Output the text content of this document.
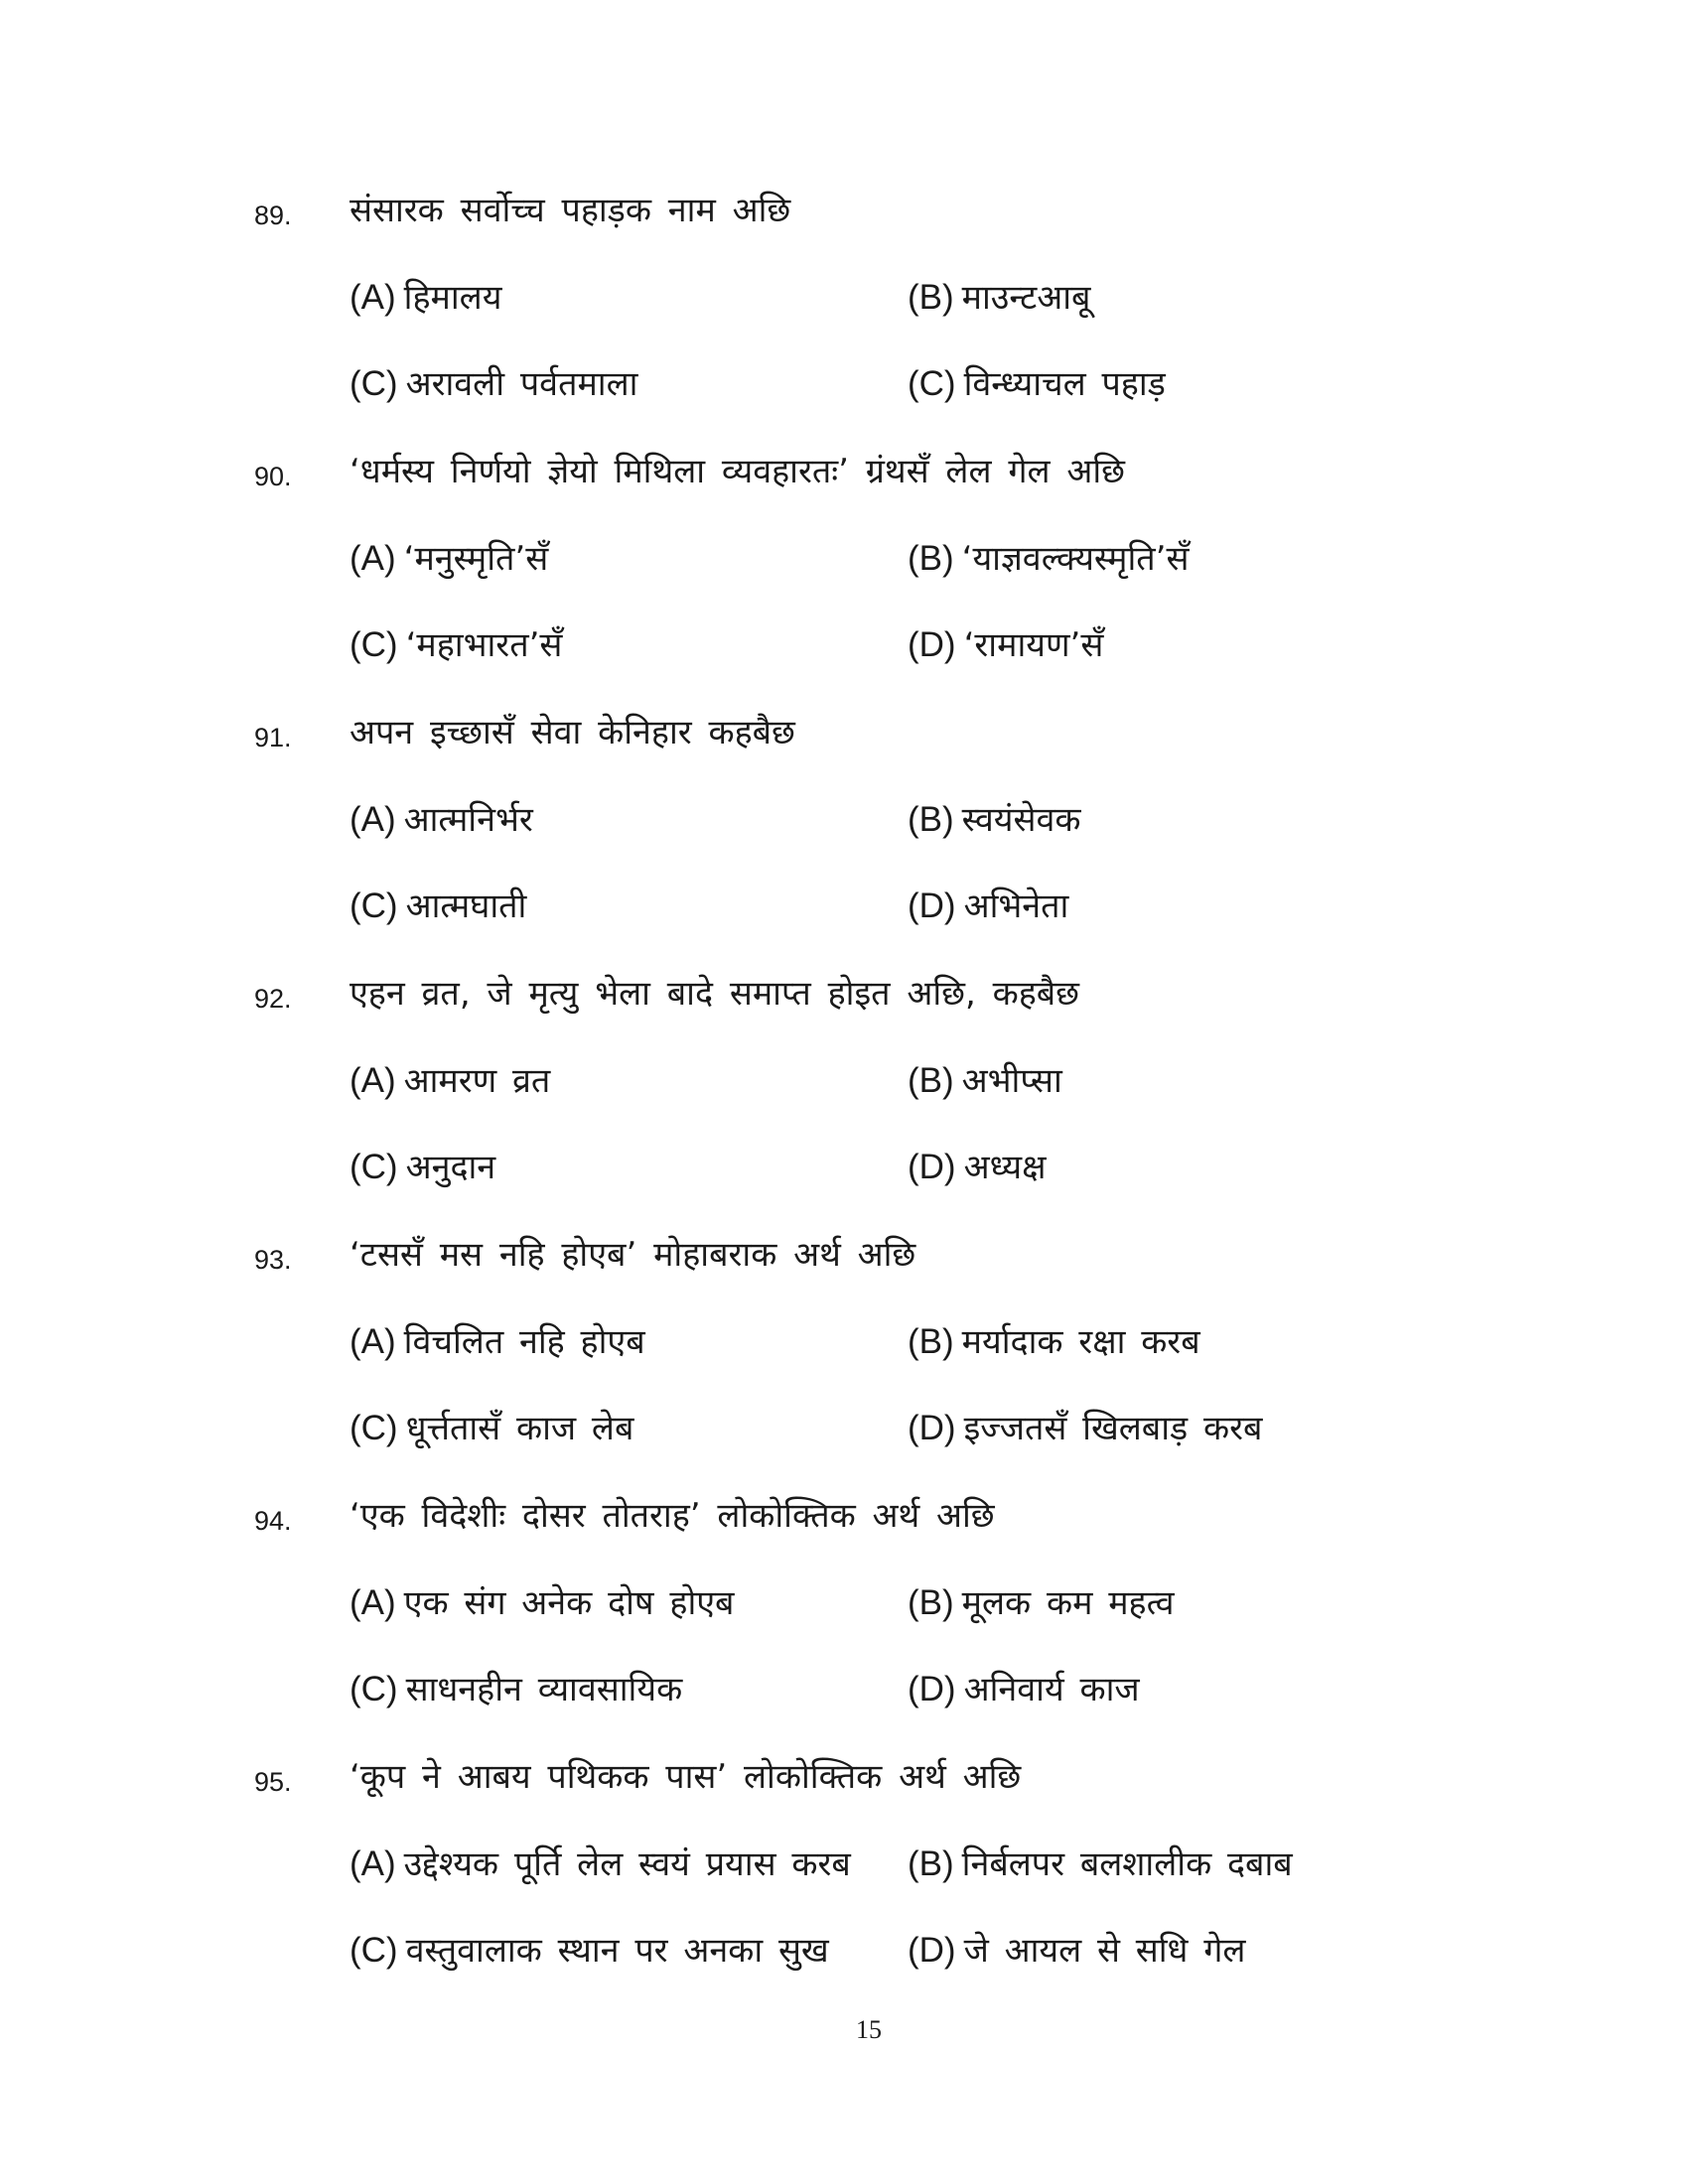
89. संसारक सर्वोच्च पहाड़क नाम अछि
(A) हिमालय	(B) माउन्टआबू
(C) अरावली पर्वतमाला	(C) विन्ध्याचल पहाड़
90. ‘धर्मस्य निर्णयो ज्ञेयो मिथिला व्यवहारतः’ ग्रंथसँ लेल गेल अछि
(A) ‘मनुस्मृति’सँ	(B) ‘याज्ञवल्क्यस्मृति’सँ
(C) ‘महाभारत’सँ	(D) ‘रामायण’सँ
91. अपन इच्छासँ सेवा केनिहार कहबैछ
(A) आत्मनिर्भर	(B) स्वयंसेवक
(C) आत्मघाती	(D) अभिनेता
92. एहन व्रत, जे मृत्यु भेला बादे समाप्त होइत अछि, कहबैछ
(A) आमरण व्रत	(B) अभीप्सा
(C) अनुदान	(D) अध्यक्ष
93. ‘टससँ मस नहि होएब’ मोहाबराक अर्थ अछि
(A) विचलित नहि होएब	(B) मर्यादाक रक्षा करब
(C) धूर्त्ततासँ काज लेब	(D) इज्जतसँ खिलबाड़ करब
94. ‘एक विदेशीः दोसर तोतराह’ लोकोक्तिक अर्थ अछि
(A) एक संग अनेक दोष होएब	(B) मूलक कम महत्व
(C) साधनहीन व्यावसायिक	(D) अनिवार्य काज
95. ‘कूप ने आबय पथिकक पास’ लोकोक्तिक अर्थ अछि
(A) उद्देश्यक पूर्ति लेल स्वयं प्रयास करब (B) निर्बलपर बलशालीक दबाब
(C) वस्तुवालाक स्थान पर अनका सुख (D) जे आयल से सधि गेल
15
